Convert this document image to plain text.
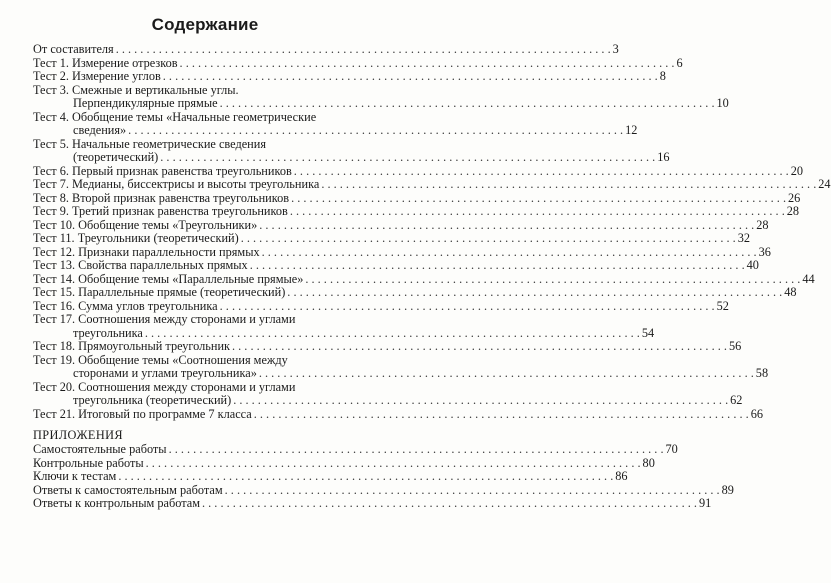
Содержание
От составителя . . .	3
Тест 1. Измерение отрезков . . .	6
Тест 2. Измерение углов . . .	8
Тест 3. Смежные и вертикальные углы.
Перпендикулярные прямые . . .	10
Тест 4. Обобщение темы «Начальные геометрические
сведения» . . .	12
Тест 5. Начальные геометрические сведения
(теоретический) . . .	16
Тест 6. Первый признак равенства треугольников . . .	20
Тест 7. Медианы, биссектрисы и высоты треугольника . . .	24
Тест 8. Второй признак равенства треугольников . . .	26
Тест 9. Третий признак равенства треугольников . . .	28
Тест 10. Обобщение темы «Треугольники» . . .	28
Тест 11. Треугольники (теоретический) . . .	32
Тест 12. Признаки параллельности прямых . . .	36
Тест 13. Свойства параллельных прямых . . .	40
Тест 14. Обобщение темы «Параллельные прямые» . . .	44
Тест 15. Параллельные прямые (теоретический) . . .	48
Тест 16. Сумма углов треугольника . . .	52
Тест 17. Соотношения между сторонами и углами
треугольника . . .	54
Тест 18. Прямоугольный треугольник . . .	56
Тест 19. Обобщение темы «Соотношения между
сторонами и углами треугольника» . . .	58
Тест 20. Соотношения между сторонами и углами
треугольника (теоретический) . . .	62
Тест 21. Итоговый по программе 7 класса . . .	66
ПРИЛОЖЕНИЯ
Самостоятельные работы . . .	70
Контрольные работы . . .	80
Ключи к тестам . . .	86
Ответы к самостоятельным работам . . .	89
Ответы к контрольным работам . . .	91
